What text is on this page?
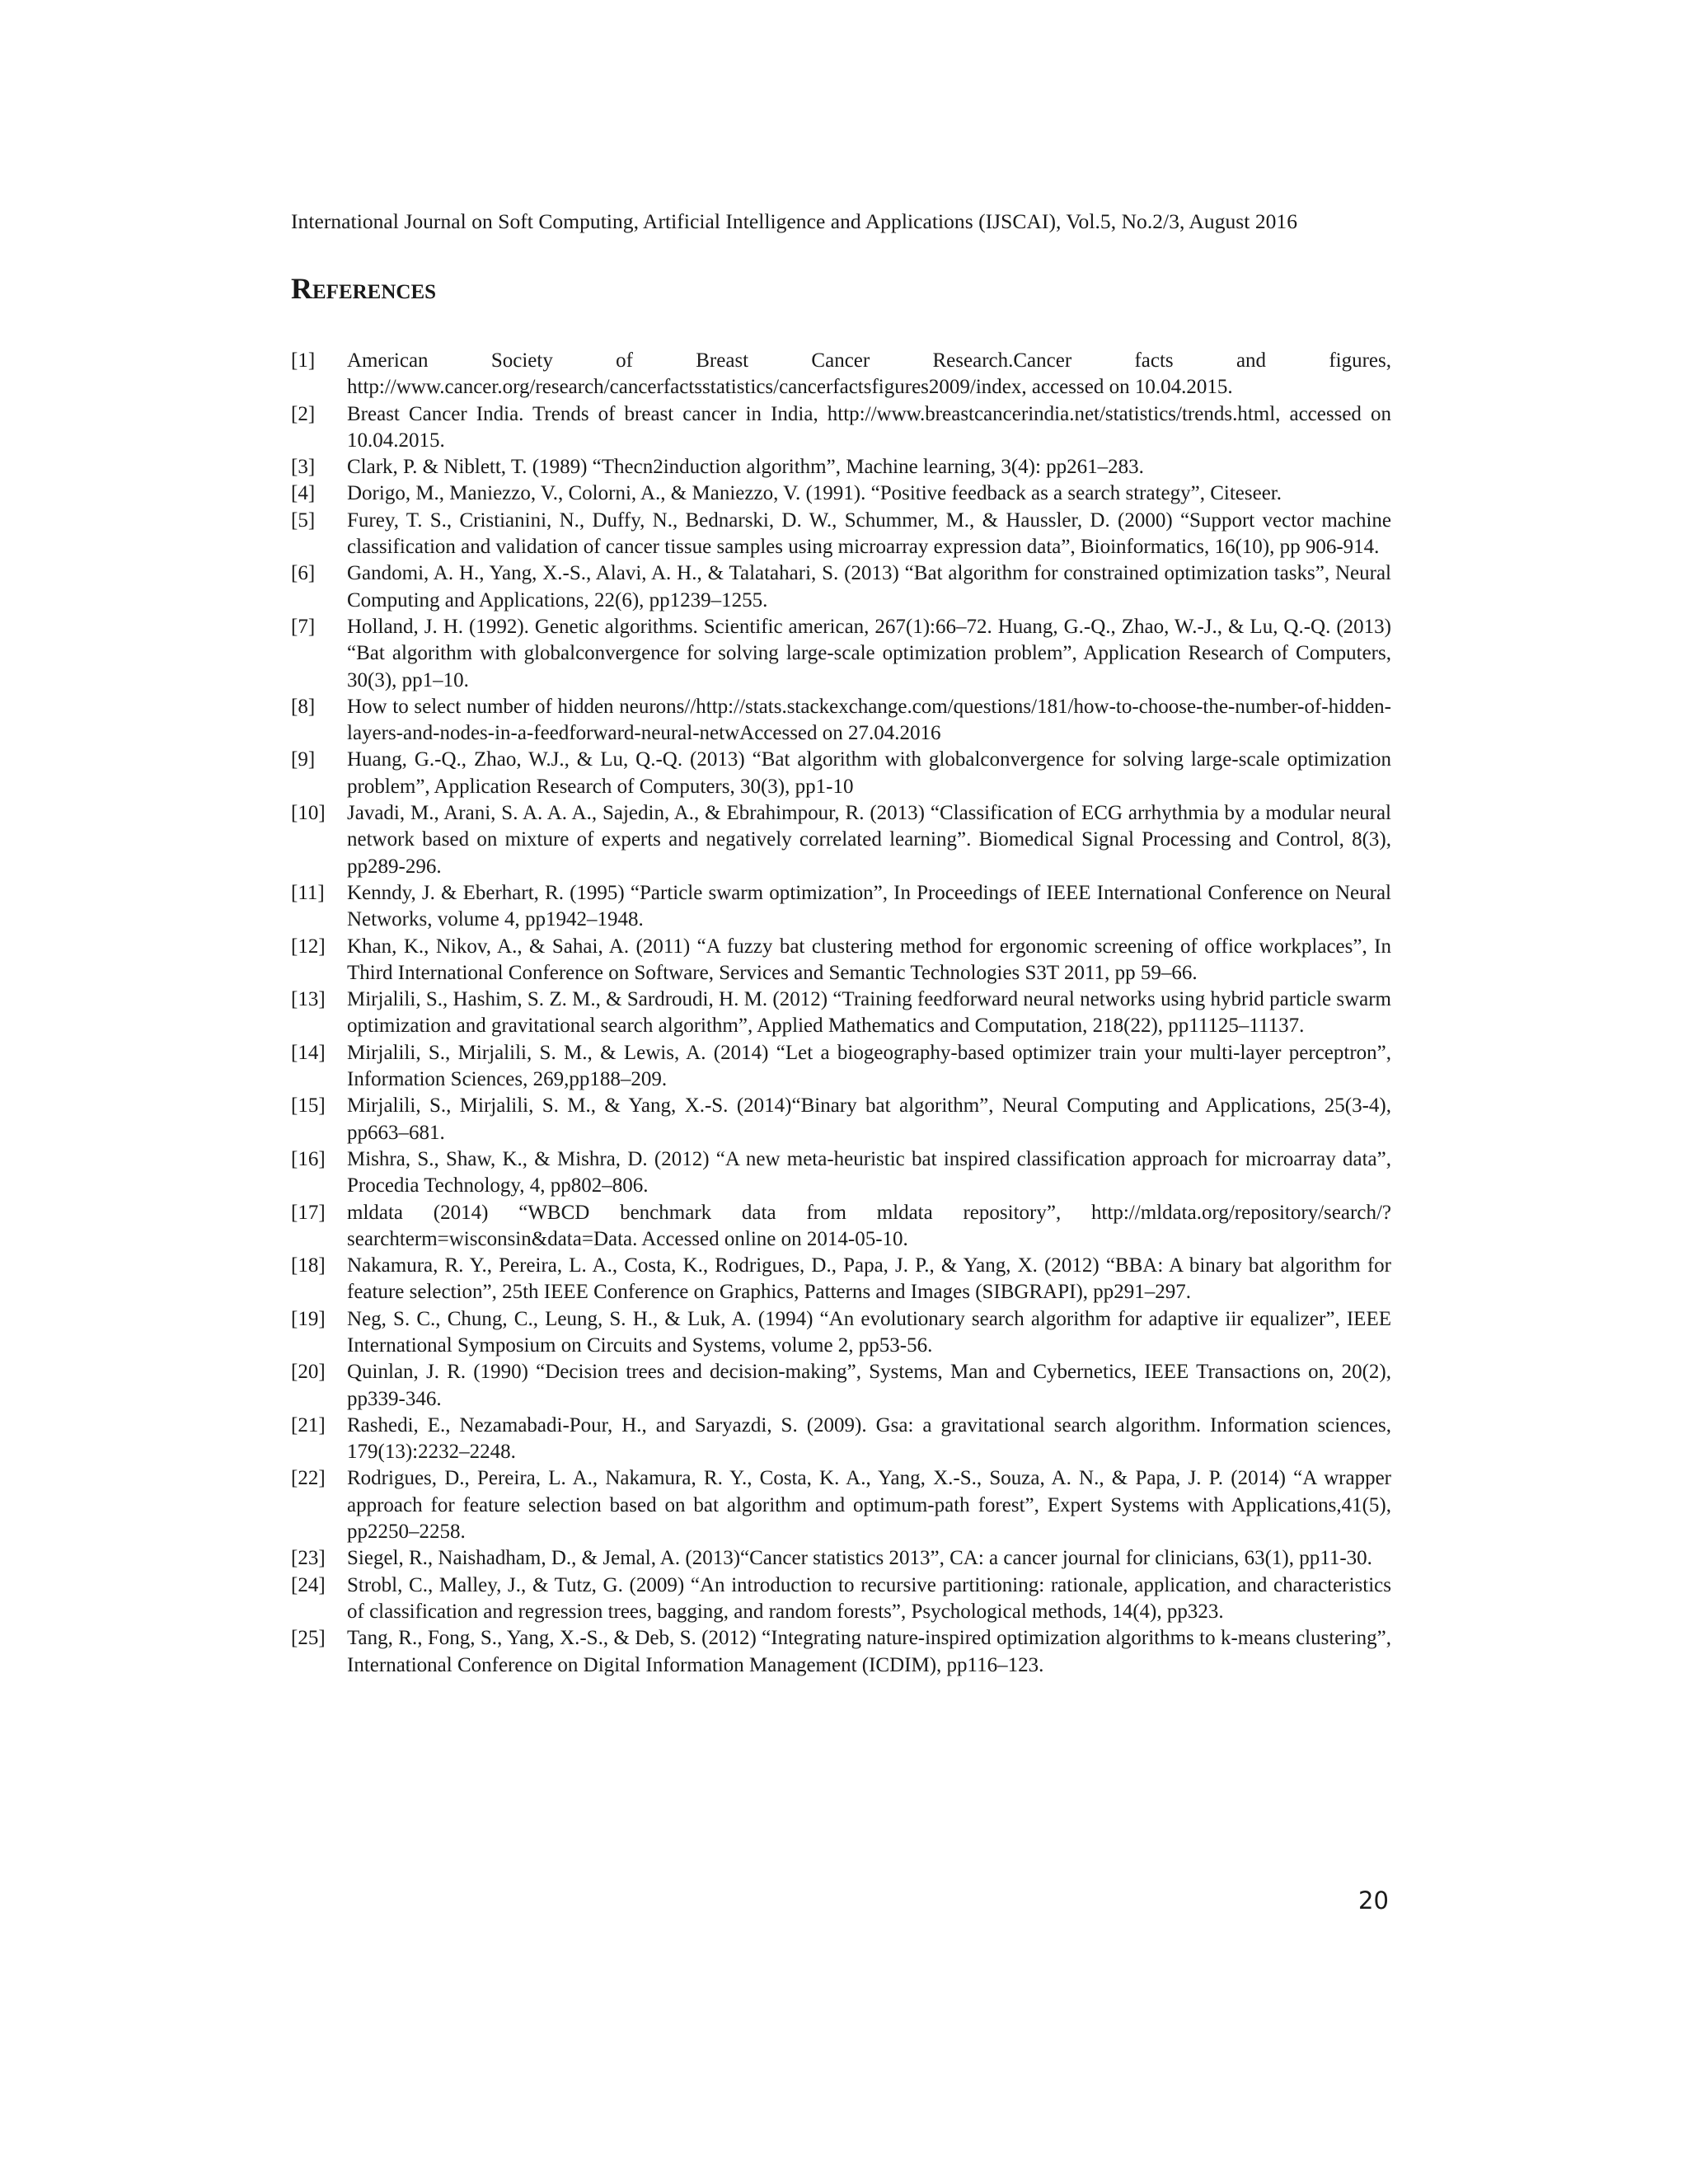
International Journal on Soft Computing, Artificial Intelligence and Applications (IJSCAI), Vol.5, No.2/3, August 2016
References
[1]	American Society of Breast Cancer Research.Cancer facts and figures, http://www.cancer.org/research/cancerfactsstatistics/cancerfactsfigures2009/index, accessed on 10.04.2015.
[2]	Breast Cancer India. Trends of breast cancer in India, http://www.breastcancerindia.net/statistics/trends.html, accessed on 10.04.2015.
[3]	Clark, P. & Niblett, T. (1989) “Thecn2induction algorithm”, Machine learning, 3(4): pp261–283.
[4]	Dorigo, M., Maniezzo, V., Colorni, A., & Maniezzo, V. (1991). “Positive feedback as a search strategy”, Citeseer.
[5]	Furey, T. S., Cristianini, N., Duffy, N., Bednarski, D. W., Schummer, M., & Haussler, D. (2000) “Support vector machine classification and validation of cancer tissue samples using microarray expression data”, Bioinformatics, 16(10), pp 906-914.
[6]	Gandomi, A. H., Yang, X.-S., Alavi, A. H., & Talatahari, S. (2013) “Bat algorithm for constrained optimization tasks”, Neural Computing and Applications, 22(6), pp1239–1255.
[7]	Holland, J. H. (1992). Genetic algorithms. Scientific american, 267(1):66–72. Huang, G.-Q., Zhao, W.-J., & Lu, Q.-Q. (2013) “Bat algorithm with globalconvergence for solving large-scale optimization problem”, Application Research of Computers, 30(3), pp1–10.
[8]	How to select number of hidden neurons//http://stats.stackexchange.com/questions/181/how-to-choose-the-number-of-hidden-layers-and-nodes-in-a-feedforward-neural-netwAccessed on 27.04.2016
[9]	Huang, G.-Q., Zhao, W.J., & Lu, Q.-Q. (2013) “Bat algorithm with globalconvergence for solving large-scale optimization problem”, Application Research of Computers, 30(3), pp1-10
[10]	Javadi, M., Arani, S. A. A. A., Sajedin, A., & Ebrahimpour, R. (2013) “Classification of ECG arrhythmia by a modular neural network based on mixture of experts and negatively correlated learning”. Biomedical Signal Processing and Control, 8(3), pp289-296.
[11]	Kenndy, J. & Eberhart, R. (1995) “Particle swarm optimization”, In Proceedings of IEEE International Conference on Neural Networks, volume 4, pp1942–1948.
[12]	Khan, K., Nikov, A., & Sahai, A. (2011) “A fuzzy bat clustering method for ergonomic screening of office workplaces”, In Third International Conference on Software, Services and Semantic Technologies S3T 2011, pp 59–66.
[13]	Mirjalili, S., Hashim, S. Z. M., & Sardroudi, H. M. (2012) “Training feedforward neural networks using hybrid particle swarm optimization and gravitational search algorithm”, Applied Mathematics and Computation, 218(22), pp11125–11137.
[14]	Mirjalili, S., Mirjalili, S. M., & Lewis, A. (2014) “Let a biogeography-based optimizer train your multi-layer perceptron”, Information Sciences, 269,pp188–209.
[15]	Mirjalili, S., Mirjalili, S. M., & Yang, X.-S. (2014)“Binary bat algorithm”, Neural Computing and Applications, 25(3-4), pp663–681.
[16]	Mishra, S., Shaw, K., & Mishra, D. (2012) “A new meta-heuristic bat inspired classification approach for microarray data”, Procedia Technology, 4, pp802–806.
[17]	mldata (2014) “WBCD benchmark data from mldata repository”, http://mldata.org/repository/search/?searchterm=wisconsin&data=Data. Accessed online on 2014-05-10.
[18]	Nakamura, R. Y., Pereira, L. A., Costa, K., Rodrigues, D., Papa, J. P., & Yang, X. (2012) “BBA: A binary bat algorithm for feature selection”, 25th IEEE Conference on Graphics, Patterns and Images (SIBGRAPI), pp291–297.
[19]	Neg, S. C., Chung, C., Leung, S. H., & Luk, A. (1994) “An evolutionary search algorithm for adaptive iir equalizer”, IEEE International Symposium on Circuits and Systems, volume 2, pp53-56.
[20]	Quinlan, J. R. (1990) “Decision trees and decision-making”, Systems, Man and Cybernetics, IEEE Transactions on, 20(2), pp339-346.
[21]	Rashedi, E., Nezamabadi-Pour, H., and Saryazdi, S. (2009). Gsa: a gravitational search algorithm. Information sciences, 179(13):2232–2248.
[22]	Rodrigues, D., Pereira, L. A., Nakamura, R. Y., Costa, K. A., Yang, X.-S., Souza, A. N., & Papa, J. P. (2014) “A wrapper approach for feature selection based on bat algorithm and optimum-path forest”, Expert Systems with Applications,41(5), pp2250–2258.
[23]	Siegel, R., Naishadham, D., & Jemal, A. (2013)“Cancer statistics 2013”, CA: a cancer journal for clinicians, 63(1), pp11-30.
[24]	Strobl, C., Malley, J., & Tutz, G. (2009) “An introduction to recursive partitioning: rationale, application, and characteristics of classification and regression trees, bagging, and random forests”, Psychological methods, 14(4), pp323.
[25]	Tang, R., Fong, S., Yang, X.-S., & Deb, S. (2012) “Integrating nature-inspired optimization algorithms to k-means clustering”, International Conference on Digital Information Management (ICDIM), pp116–123.
20
